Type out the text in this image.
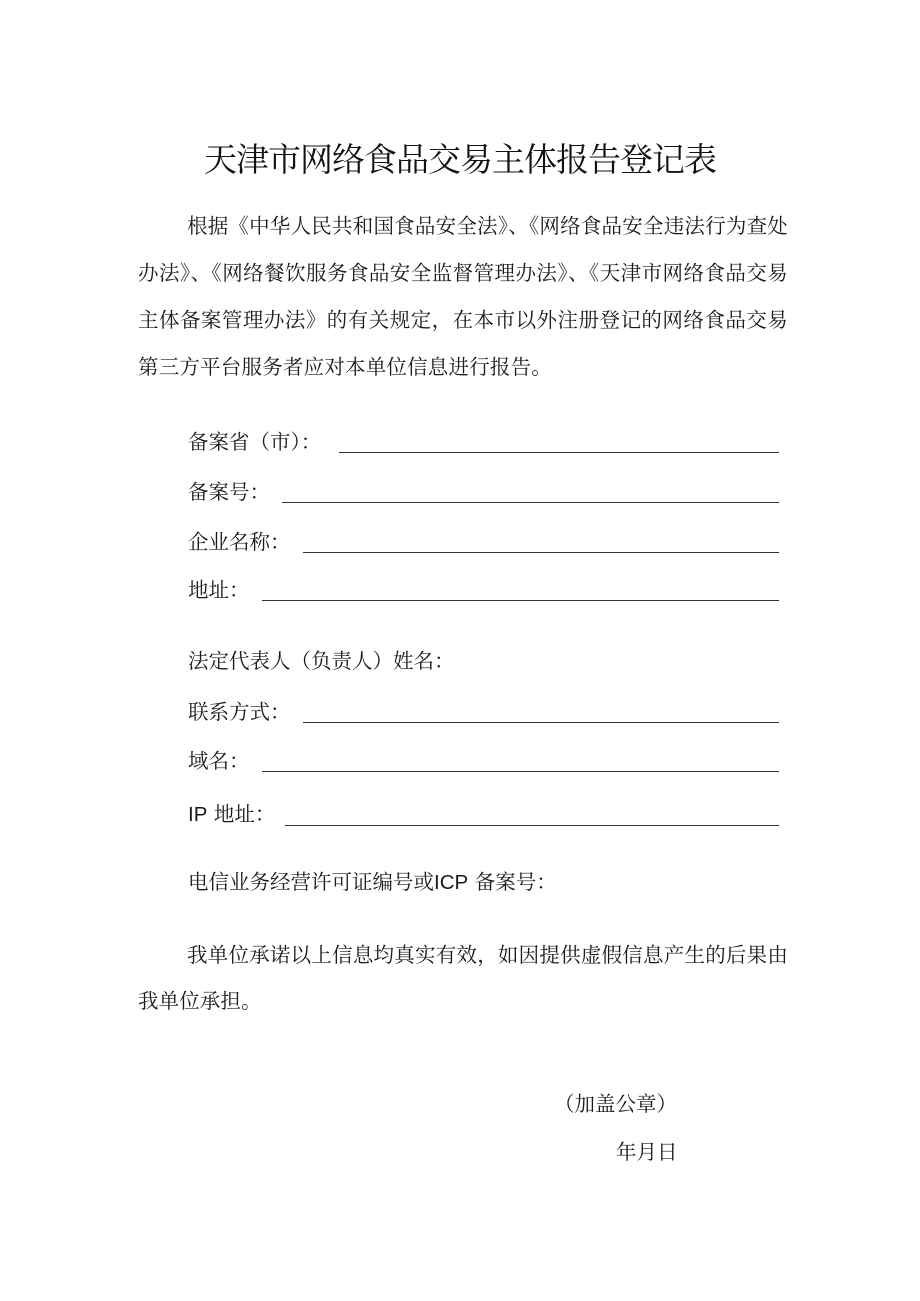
天津市网络食品交易主体报告登记表

根据《中华人民共和国食品安全法》、《网络食品安全违法行为查处办法》、《网络餐饮服务食品安全监督管理办法》、《天津市网络食品交易主体备案管理办法》的有关规定，在本市以外注册登记的网络食品交易第三方平台服务者应对本单位信息进行报告。

备案省（市）：
备案号：
企业名称：
地址：
法定代表人（负责人）姓名：
联系方式：
域名：
IP 地址：
电信业务经营许可证编号或ICP 备案号：

我单位承诺以上信息均真实有效，如因提供虚假信息产生的后果由我单位承担。

（加盖公章）
年月日
